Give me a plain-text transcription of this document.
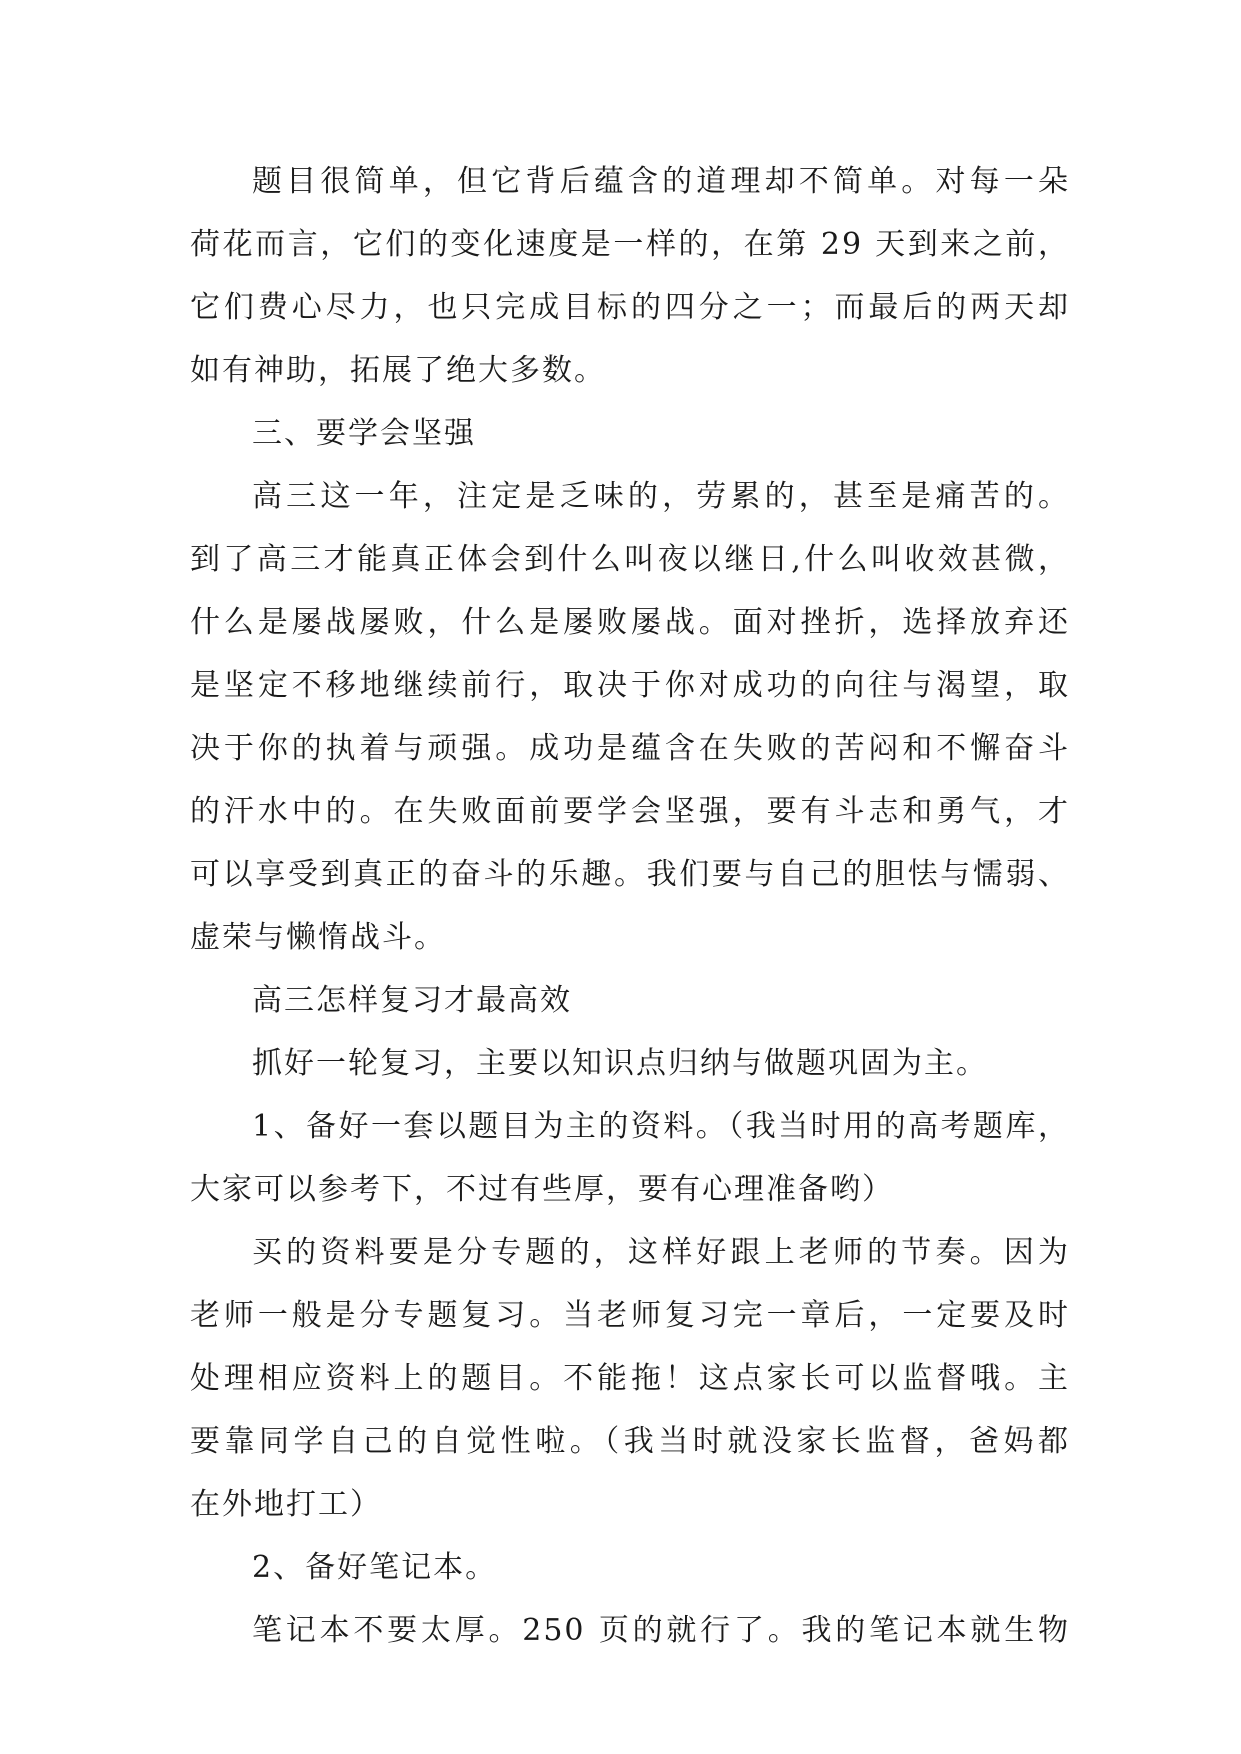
题目很简单，但它背后蕴含的道理却不简单。对每一朵
荷花而言，它们的变化速度是一样的，在第 29 天到来之前，
它们费心尽力，也只完成目标的四分之一；而最后的两天却
如有神助，拓展了绝大多数。
三、要学会坚强
高三这一年，注定是乏味的，劳累的，甚至是痛苦的。
到了高三才能真正体会到什么叫夜以继日,什么叫收效甚微，
什么是屡战屡败，什么是屡败屡战。面对挫折，选择放弃还
是坚定不移地继续前行，取决于你对成功的向往与渴望，取
决于你的执着与顽强。成功是蕴含在失败的苦闷和不懈奋斗
的汗水中的。在失败面前要学会坚强，要有斗志和勇气，才
可以享受到真正的奋斗的乐趣。我们要与自己的胆怯与懦弱、
虚荣与懒惰战斗。
高三怎样复习才最高效
抓好一轮复习，主要以知识点归纳与做题巩固为主。
1、备好一套以题目为主的资料。（我当时用的高考题库，
大家可以参考下，不过有些厚，要有心理准备哟）
买的资料要是分专题的，这样好跟上老师的节奏。因为
老师一般是分专题复习。当老师复习完一章后，一定要及时
处理相应资料上的题目。不能拖！这点家长可以监督哦。主
要靠同学自己的自觉性啦。（我当时就没家长监督，爸妈都
在外地打工）
2、备好笔记本。
笔记本不要太厚。250 页的就行了。我的笔记本就生物
